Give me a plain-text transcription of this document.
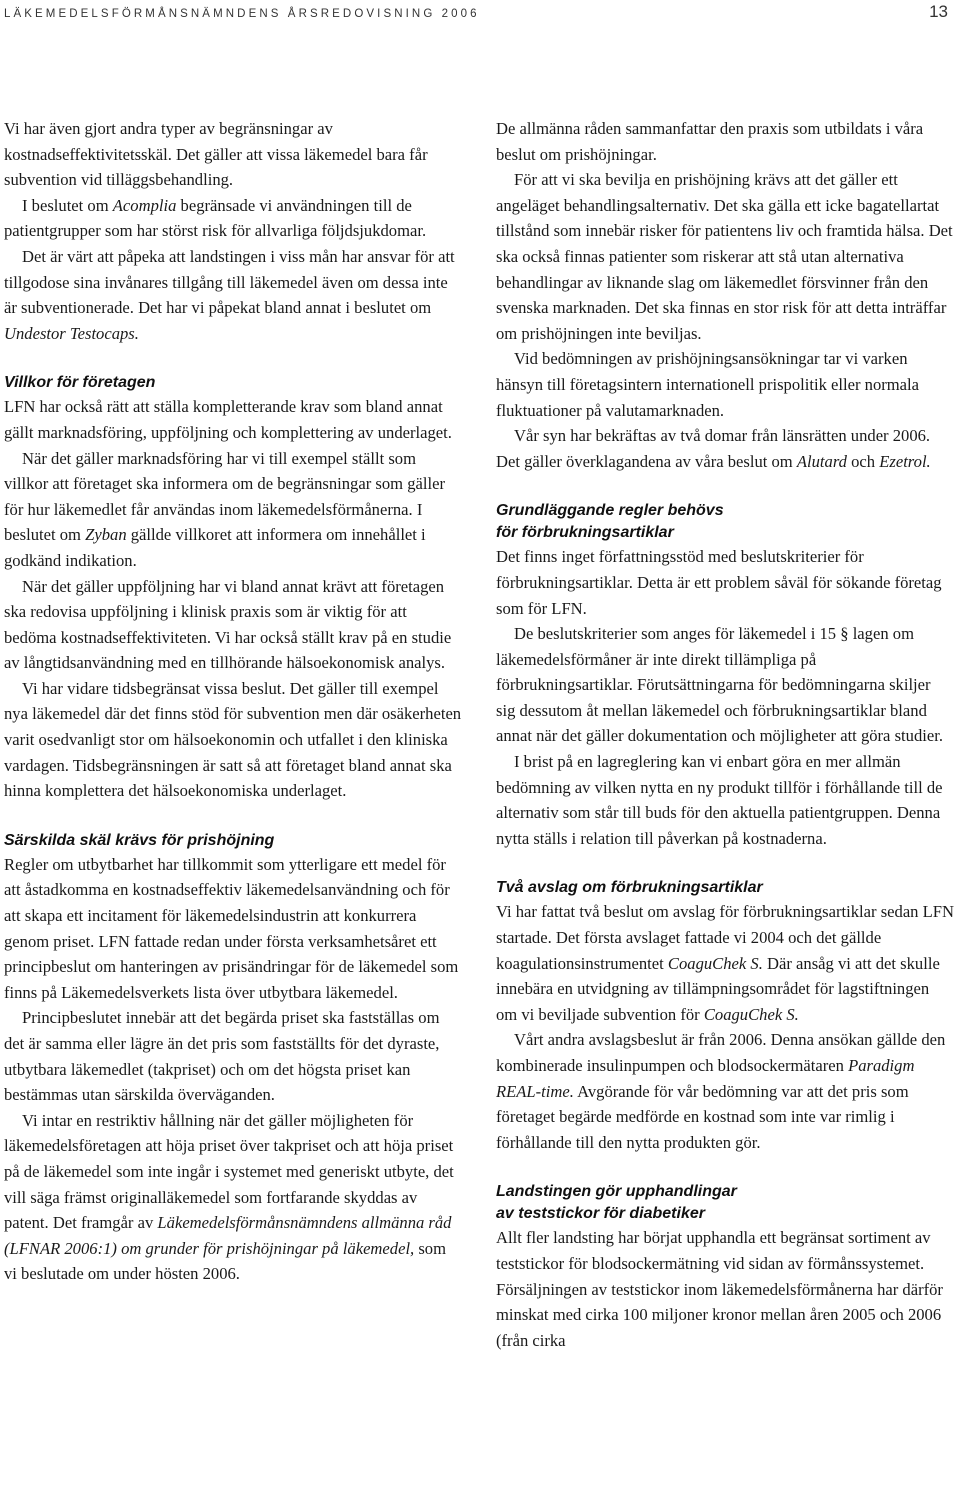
LÄKEMEDELSFÖRMÅNSNÄMNDENS ÅRSREDOVISNING 2006	13

Vi har även gjort andra typer av begränsningar av kostnadseffektivitetsskäl. Det gäller att vissa läkemedel bara får subvention vid tilläggsbehandling.

I beslutet om Acomplia begränsade vi användningen till de patientgrupper som har störst risk för allvarliga följdsjukdomar.

Det är värt att påpeka att landstingen i viss mån har ansvar för att tillgodose sina invånares tillgång till läkemedel även om dessa inte är subventionerade. Det har vi påpekat bland annat i beslutet om Undestor Testocaps.

Villkor för företagen

LFN har också rätt att ställa kompletterande krav som bland annat gällt marknadsföring, uppföljning och komplettering av underlaget.

När det gäller marknadsföring har vi till exempel ställt som villkor att företaget ska informera om de begränsningar som gäller för hur läkemedlet får användas inom läkemedelsförmånerna. I beslutet om Zyban gällde villkoret att informera om innehållet i godkänd indikation.

När det gäller uppföljning har vi bland annat krävt att företagen ska redovisa uppföljning i klinisk praxis som är viktig för att bedöma kostnadseffektiviteten. Vi har också ställt krav på en studie av långtidsanvändning med en tillhörande hälsoekonomisk analys.

Vi har vidare tidsbegränsat vissa beslut. Det gäller till exempel nya läkemedel där det finns stöd för subvention men där osäkerheten varit osedvanligt stor om hälsoekonomin och utfallet i den kliniska vardagen. Tidsbegränsningen är satt så att företaget bland annat ska hinna komplettera det hälsoekonomiska underlaget.

Särskilda skäl krävs för prishöjning

Regler om utbytbarhet har tillkommit som ytterligare ett medel för att åstadkomma en kostnadseffektiv läkemedelsanvändning och för att skapa ett incitament för läkemedelsindustrin att konkurrera genom priset. LFN fattade redan under första verksamhetsåret ett principbeslut om hanteringen av prisändringar för de läkemedel som finns på Läkemedelsverkets lista över utbytbara läkemedel.

Principbeslutet innebär att det begärda priset ska fastställas om det är samma eller lägre än det pris som fastställts för det dyraste, utbytbara läkemedlet (takpriset) och om det högsta priset kan bestämmas utan särskilda överväganden.

Vi intar en restriktiv hållning när det gäller möjligheten för läkemedelsföretagen att höja priset över takpriset och att höja priset på de läkemedel som inte ingår i systemet med generiskt utbyte, det vill säga främst originalläkemedel som fortfarande skyddas av patent. Det framgår av Läkemedelsförmånsnämndens allmänna råd (LFNAR 2006:1) om grunder för prishöjningar på läkemedel, som vi beslutade om under hösten 2006.

De allmänna råden sammanfattar den praxis som utbildats i våra beslut om prishöjningar.

För att vi ska bevilja en prishöjning krävs att det gäller ett angeläget behandlingsalternativ. Det ska gälla ett icke bagatellartat tillstånd som innebär risker för patientens liv och framtida hälsa. Det ska också finnas patienter som riskerar att stå utan alternativa behandlingar av liknande slag om läkemedlet försvinner från den svenska marknaden. Det ska finnas en stor risk för att detta inträffar om prishöjningen inte beviljas.

Vid bedömningen av prishöjningsansökningar tar vi varken hänsyn till företagsintern internationell prispolitik eller normala fluktuationer på valutamarknaden.

Vår syn har bekräftas av två domar från länsrätten under 2006. Det gäller överklagandena av våra beslut om Alutard och Ezetrol.

Grundläggande regler behövs
för förbrukningsartiklar

Det finns inget författningsstöd med beslutskriterier för förbrukningsartiklar. Detta är ett problem såväl för sökande företag som för LFN.

De beslutskriterier som anges för läkemedel i 15 § lagen om läkemedelsförmåner är inte direkt tillämpliga på förbrukningsartiklar. Förutsättningarna för bedömningarna skiljer sig dessutom åt mellan läkemedel och förbrukningsartiklar bland annat när det gäller dokumentation och möjligheter att göra studier.

I brist på en lagreglering kan vi enbart göra en mer allmän bedömning av vilken nytta en ny produkt tillför i förhållande till de alternativ som står till buds för den aktuella patientgruppen. Denna nytta ställs i relation till påverkan på kostnaderna.

Två avslag om förbrukningsartiklar

Vi har fattat två beslut om avslag för förbrukningsartiklar sedan LFN startade. Det första avslaget fattade vi 2004 och det gällde koagulationsinstrumentet CoaguChek S. Där ansåg vi att det skulle innebära en utvidgning av tillämpningsområdet för lagstiftningen om vi beviljade subvention för CoaguChek S.

Vårt andra avslagsbeslut är från 2006. Denna ansökan gällde den kombinerade insulinpumpen och blodsockermätaren Paradigm REAL-time. Avgörande för vår bedömning var att det pris som företaget begärde medförde en kostnad som inte var rimlig i förhållande till den nytta produkten gör.

Landstingen gör upphandlingar
av teststickor för diabetiker

Allt fler landsting har börjat upphandla ett begränsat sortiment av teststickor för blodsockermätning vid sidan av förmånssystemet. Försäljningen av teststickor inom läkemedelsförmånerna har därför minskat med cirka 100 miljoner kronor mellan åren 2005 och 2006 (från cirka
